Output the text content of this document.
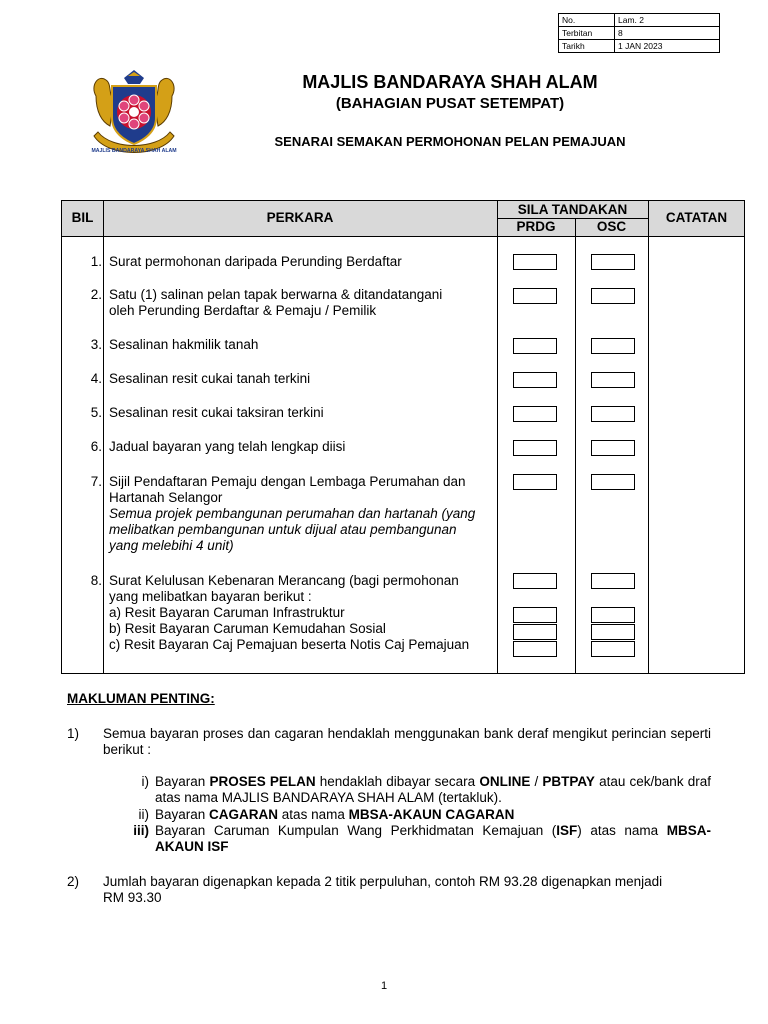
No.	Lam. 2
Terbitan	8
Tarikh	1 JAN 2023
MAJLIS BANDARAYA SHAH ALAM
MAJLIS BANDARAYA SHAH ALAM
(BAHAGIAN PUSAT SETEMPAT)
SENARAI SEMAKAN PERMOHONAN PELAN PEMAJUAN
BIL	PERKARA
SILA TANDAKAN
PRDG	OSC
CATATAN
1. Surat permohonan daripada Perunding Berdaftar
2. Satu (1) salinan pelan tapak berwarna & ditandatangani
oleh Perunding Berdaftar & Pemaju / Pemilik
3. Sesalinan hakmilik tanah
4. Sesalinan resit cukai tanah terkini
5. Sesalinan resit cukai taksiran terkini
6. Jadual bayaran yang telah lengkap diisi
7. Sijil Pendaftaran Pemaju dengan Lembaga Perumahan dan
Hartanah Selangor
Semua projek pembangunan perumahan dan hartanah (yang
melibatkan pembangunan untuk dijual atau pembangunan
yang melebihi 4 unit)
8. Surat Kelulusan Kebenaran Merancang (bagi permohonan
yang melibatkan bayaran berikut :
a) Resit Bayaran Caruman Infrastruktur
b) Resit Bayaran Caruman Kemudahan Sosial
c) Resit Bayaran Caj Pemajuan beserta Notis Caj Pemajuan
MAKLUMAN PENTING:
1) Semua bayaran proses dan cagaran hendaklah menggunakan bank deraf mengikut perincian seperti berikut :
i) Bayaran PROSES PELAN hendaklah dibayar secara ONLINE / PBTPAY atau cek/bank draf atas nama MAJLIS BANDARAYA SHAH ALAM (tertakluk).
ii) Bayaran CAGARAN atas nama MBSA-AKAUN CAGARAN
iii) Bayaran Caruman Kumpulan Wang Perkhidmatan Kemajuan (ISF) atas nama MBSA-AKAUN ISF
2) Jumlah bayaran digenapkan kepada 2 titik perpuluhan, contoh RM 93.28 digenapkan menjadi
RM 93.30
1
